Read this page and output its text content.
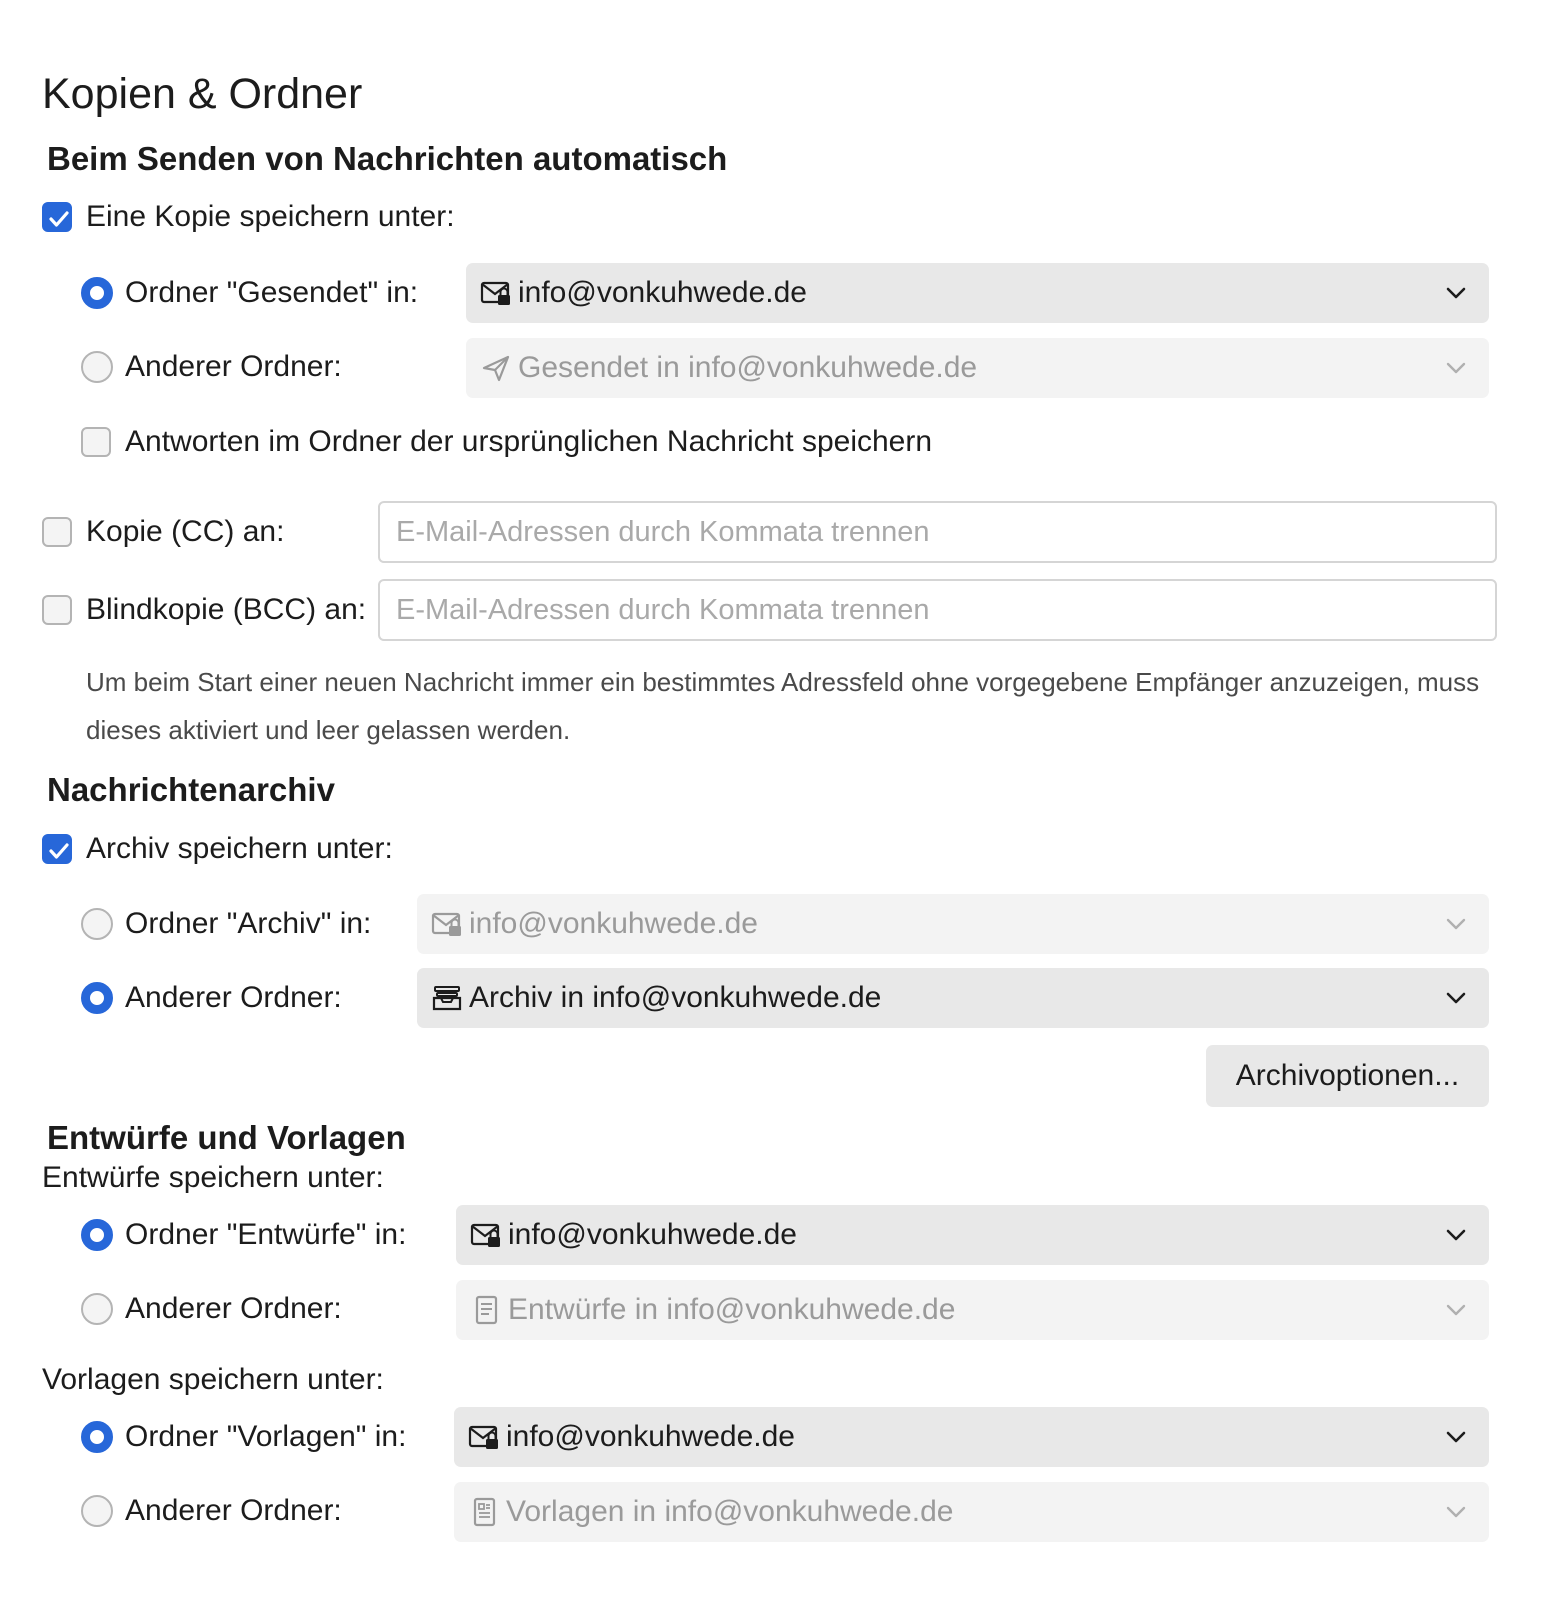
Kopien & Ordner
Beim Senden von Nachrichten automatisch
Eine Kopie speichern unter:
Ordner "Gesendet" in:	info@vonkuhwede.de
Anderer Ordner:	Gesendet in info@vonkuhwede.de
Antworten im Ordner der ursprünglichen Nachricht speichern
Kopie (CC) an:
E-Mail-Adressen durch Kommata trennen
Blindkopie (BCC) an:
E-Mail-Adressen durch Kommata trennen
Um beim Start einer neuen Nachricht immer ein bestimmtes Adressfeld ohne vorgegebene Empfänger anzuzeigen, muss dieses aktiviert und leer gelassen werden.
Nachrichtenarchiv
Archiv speichern unter:
Ordner "Archiv" in:	info@vonkuhwede.de
Anderer Ordner:	Archiv in info@vonkuhwede.de
Archivoptionen...
Entwürfe und Vorlagen
Entwürfe speichern unter:
Ordner "Entwürfe" in:	info@vonkuhwede.de
Anderer Ordner:	Entwürfe in info@vonkuhwede.de
Vorlagen speichern unter:
Ordner "Vorlagen" in:	info@vonkuhwede.de
Anderer Ordner:	Vorlagen in info@vonkuhwede.de
